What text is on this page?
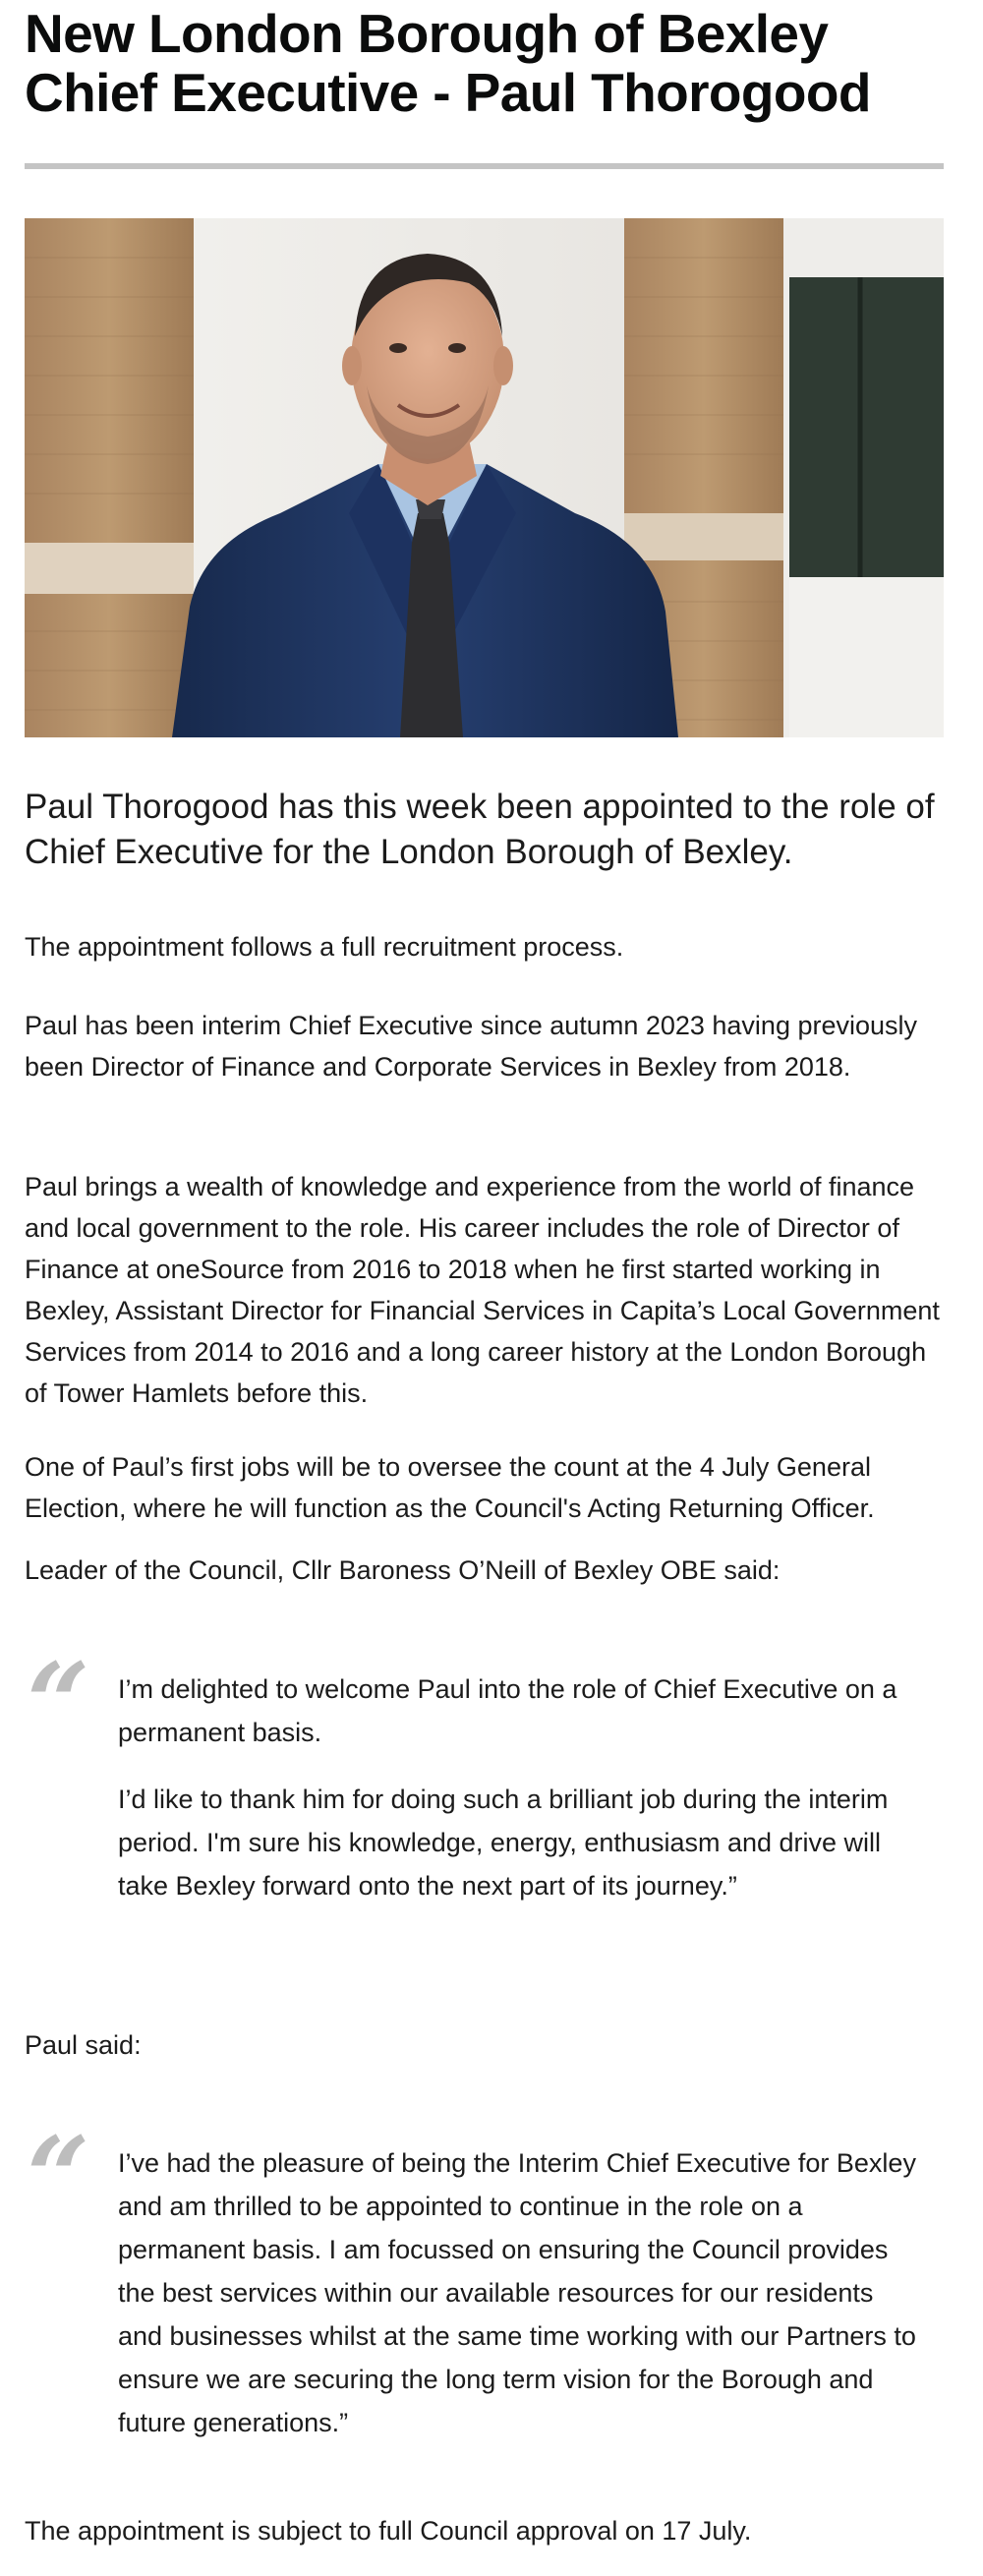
New London Borough of Bexley Chief Executive - Paul Thorogood

Paul Thorogood has this week been appointed to the role of Chief Executive for the London Borough of Bexley.

The appointment follows a full recruitment process.

Paul has been interim Chief Executive since autumn 2023 having previously been Director of Finance and Corporate Services in Bexley from 2018.

Paul brings a wealth of knowledge and experience from the world of finance and local government to the role. His career includes the role of Director of Finance at oneSource from 2016 to 2018 when he first started working in Bexley, Assistant Director for Financial Services in Capita’s Local Government Services from 2014 to 2016 and a long career history at the London Borough of Tower Hamlets before this.

One of Paul’s first jobs will be to oversee the count at the 4 July General Election, where he will function as the Council's Acting Returning Officer.

Leader of the Council, Cllr Baroness O’Neill of Bexley OBE said:

“ I’m delighted to welcome Paul into the role of Chief Executive on a permanent basis.

I’d like to thank him for doing such a brilliant job during the interim period. I'm sure his knowledge, energy, enthusiasm and drive will take Bexley forward onto the next part of its journey.”

Paul said:

“ I’ve had the pleasure of being the Interim Chief Executive for Bexley and am thrilled to be appointed to continue in the role on a permanent basis. I am focussed on ensuring the Council provides the best services within our available resources for our residents and businesses whilst at the same time working with our Partners to ensure we are securing the long term vision for the Borough and future generations.”

The appointment is subject to full Council approval on 17 July.
